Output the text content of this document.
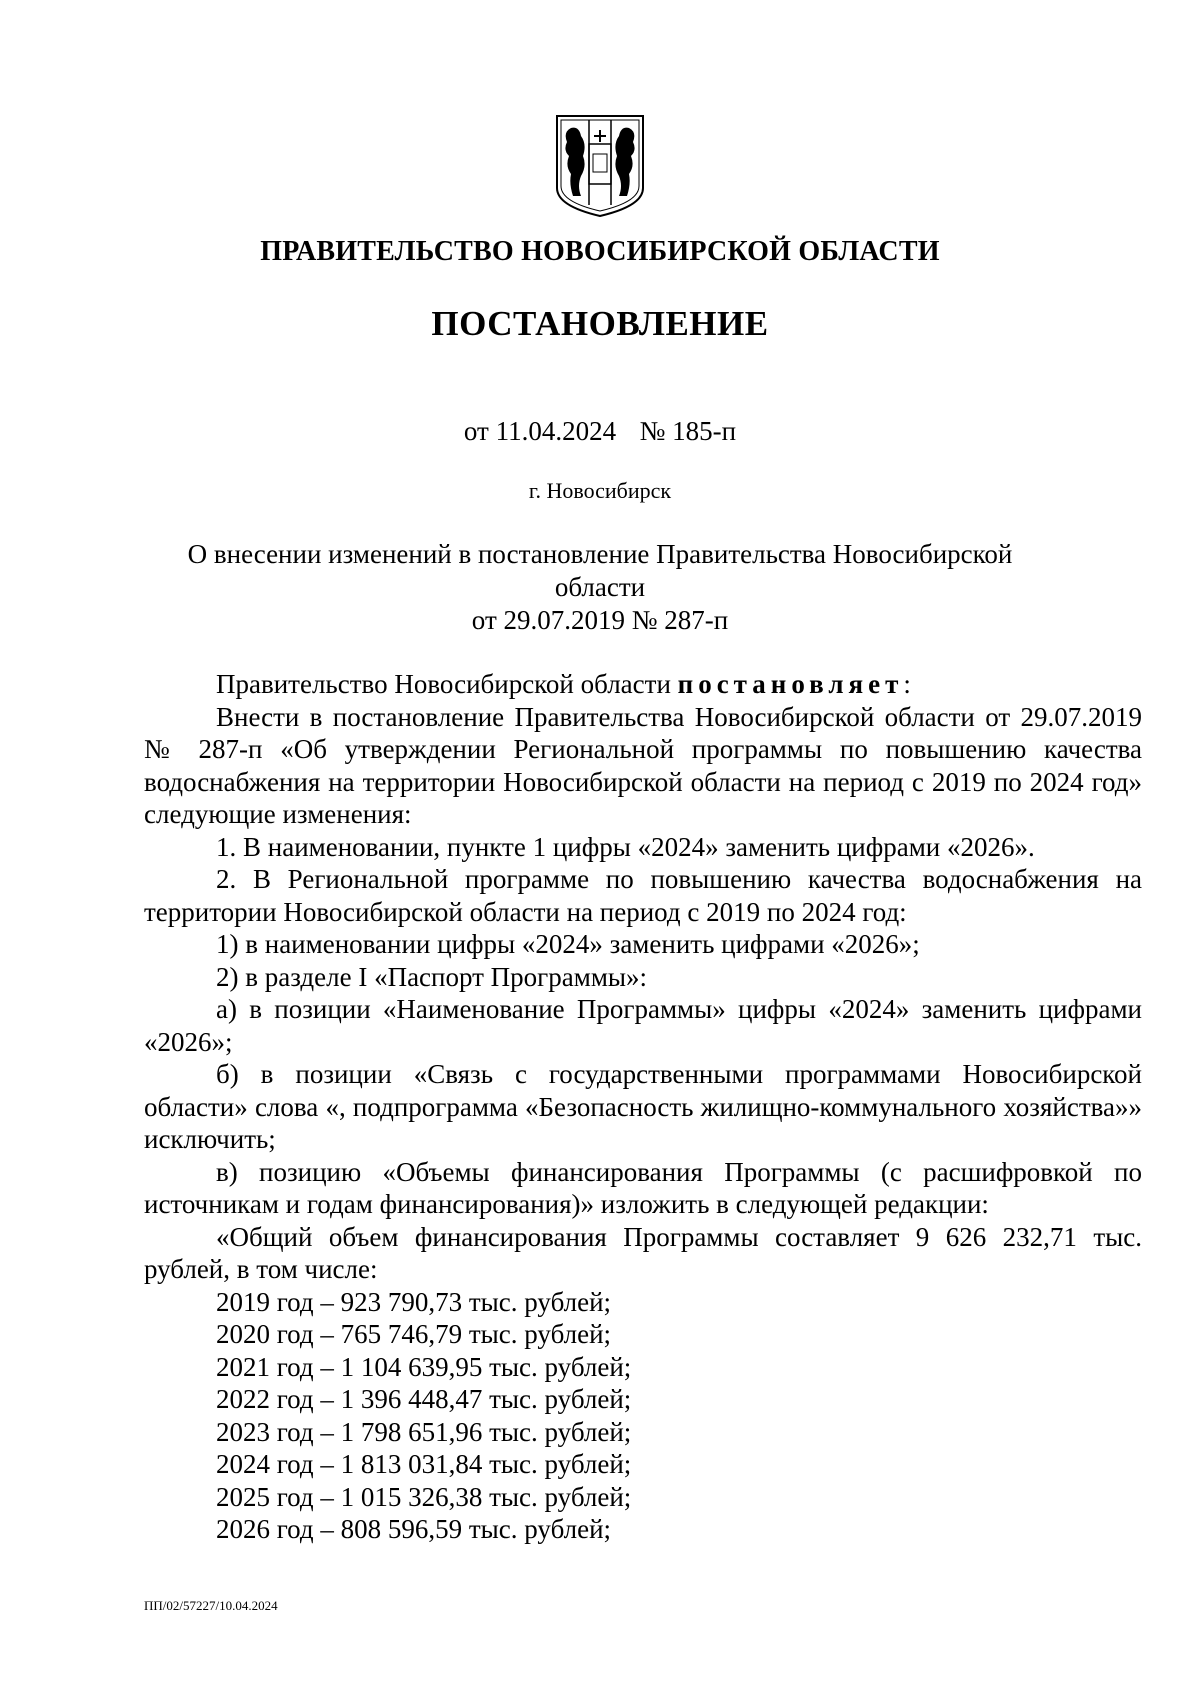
ПРАВИТЕЛЬСТВО НОВОСИБИРСКОЙ ОБЛАСТИ
ПОСТАНОВЛЕНИЕ
от 11.04.2024 № 185-п
г. Новосибирск
О внесении изменений в постановление Правительства Новосибирской области
от 29.07.2019 № 287-п

Правительство Новосибирской области постановляет:

Внести в постановление Правительства Новосибирской области от 29.07.2019 № 287-п «Об утверждении Региональной программы по повышению качества водоснабжения на территории Новосибирской области на период с 2019 по 2024 год» следующие изменения:

1. В наименовании, пункте 1 цифры «2024» заменить цифрами «2026».

2. В Региональной программе по повышению качества водоснабжения на территории Новосибирской области на период с 2019 по 2024 год:

1) в наименовании цифры «2024» заменить цифрами «2026»;

2) в разделе I «Паспорт Программы»:

а) в позиции «Наименование Программы» цифры «2024» заменить цифрами «2026»;

б) в позиции «Связь с государственными программами Новосибирской области» слова «, подпрограмма «Безопасность жилищно-коммунального хозяйства»» исключить;

в) позицию «Объемы финансирования Программы (с расшифровкой по источникам и годам финансирования)» изложить в следующей редакции:

«Общий объем финансирования Программы составляет 9 626 232,71 тыс. рублей, в том числе:

2019 год – 923 790,73 тыс. рублей;

2020 год – 765 746,79 тыс. рублей;

2021 год – 1 104 639,95 тыс. рублей;

2022 год – 1 396 448,47 тыс. рублей;

2023 год – 1 798 651,96 тыс. рублей;

2024 год – 1 813 031,84 тыс. рублей;

2025 год – 1 015 326,38 тыс. рублей;

2026 год – 808 596,59 тыс. рублей;

ПП/02/57227/10.04.2024
